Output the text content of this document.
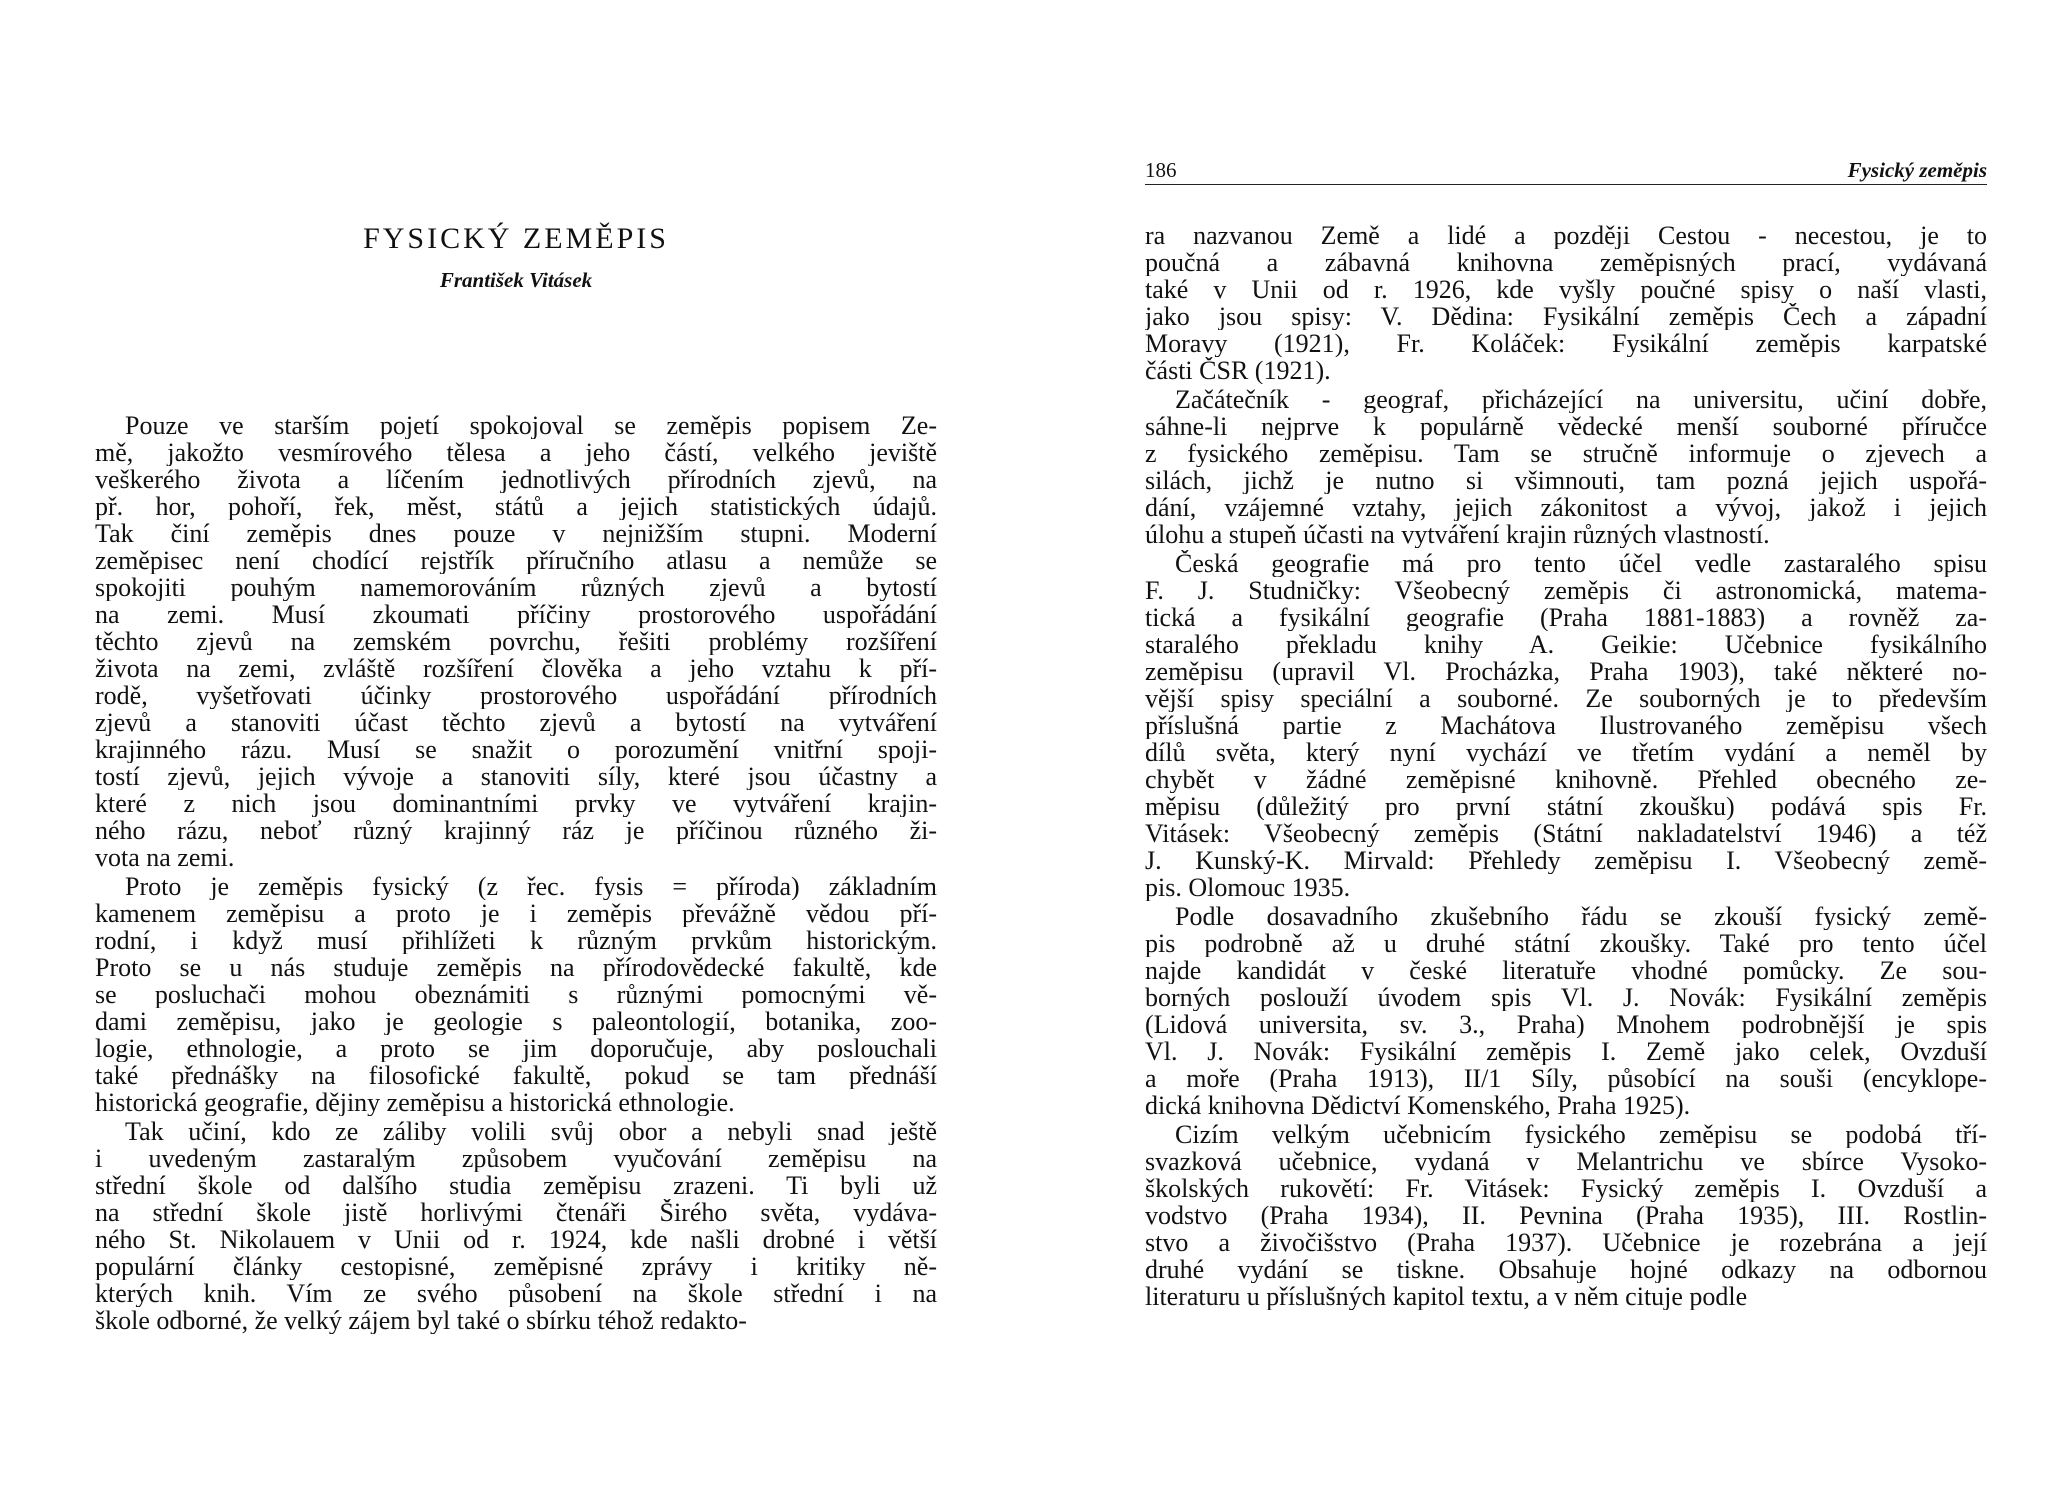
FYSICKÝ ZEMĚPIS
František Vitásek
Pouze ve starším pojetí spokojoval se zeměpis popisem Ze-
mě, jakožto vesmírového tělesa a jeho částí, velkého jeviště
veškerého života a líčením jednotlivých přírodních zjevů, na
př. hor, pohoří, řek, měst, států a jejich statistických údajů.
Tak činí zeměpis dnes pouze v nejnižším stupni. Moderní
zeměpisec není chodící rejstřík příručního atlasu a nemůže se
spokojiti pouhým namemorováním různých zjevů a bytostí
na zemi. Musí zkoumati příčiny prostorového uspořádání
těchto zjevů na zemském povrchu, řešiti problémy rozšíření
života na zemi, zvláště rozšíření člověka a jeho vztahu k pří-
rodě, vyšetřovati účinky prostorového uspořádání přírodních
zjevů a stanoviti účast těchto zjevů a bytostí na vytváření
krajinného rázu. Musí se snažit o porozumění vnitřní spoji-
tostí zjevů, jejich vývoje a stanoviti síly, které jsou účastny a
které z nich jsou dominantními prvky ve vytváření krajin-
ného rázu, neboť různý krajinný ráz je příčinou různého ži-
vota na zemi.
Proto je zeměpis fysický (z řec. fysis = příroda) základním
kamenem zeměpisu a proto je i zeměpis převážně vědou pří-
rodní, i když musí přihlížeti k různým prvkům historickým.
Proto se u nás studuje zeměpis na přírodovědecké fakultě, kde
se posluchači mohou obeznámiti s různými pomocnými vě-
dami zeměpisu, jako je geologie s paleontologií, botanika, zoo-
logie, ethnologie, a proto se jim doporučuje, aby poslouchali
také přednášky na filosofické fakultě, pokud se tam přednáší
historická geografie, dějiny zeměpisu a historická ethnologie.
Tak učiní, kdo ze záliby volili svůj obor a nebyli snad ještě
i uvedeným zastaralým způsobem vyučování zeměpisu na
střední škole od dalšího studia zeměpisu zrazeni. Ti byli už
na střední škole jistě horlivými čtenáři Širého světa, vydáva-
ného St. Nikolauem v Unii od r. 1924, kde našli drobné i větší
populární články cestopisné, zeměpisné zprávy i kritiky ně-
kterých knih. Vím ze svého působení na škole střední i na
škole odborné, že velký zájem byl také o sbírku téhož redakto-
186	Fysický zeměpis
ra nazvanou Země a lidé a později Cestou - necestou, je to
poučná a zábavná knihovna zeměpisných prací, vydávaná
také v Unii od r. 1926, kde vyšly poučné spisy o naší vlasti,
jako jsou spisy: V. Dědina: Fysikální zeměpis Čech a západní
Moravy (1921), Fr. Koláček: Fysikální zeměpis karpatské
části ČSR (1921).
Začátečník - geograf, přicházející na universitu, učiní dobře,
sáhne-li nejprve k populárně vědecké menší souborné příručce
z fysického zeměpisu. Tam se stručně informuje o zjevech a
silách, jichž je nutno si všimnouti, tam pozná jejich uspořá-
dání, vzájemné vztahy, jejich zákonitost a vývoj, jakož i jejich
úlohu a stupeň účasti na vytváření krajin různých vlastností.
Česká geografie má pro tento účel vedle zastaralého spisu
F. J. Studničky: Všeobecný zeměpis či astronomická, matema-
tická a fysikální geografie (Praha 1881-1883) a rovněž za-
staralého překladu knihy A. Geikie: Učebnice fysikálního
zeměpisu (upravil Vl. Procházka, Praha 1903), také některé no-
vější spisy speciální a souborné. Ze souborných je to především
příslušná partie z Machátova Ilustrovaného zeměpisu všech
dílů světa, který nyní vychází ve třetím vydání a neměl by
chybět v žádné zeměpisné knihovně. Přehled obecného ze-
měpisu (důležitý pro první státní zkoušku) podává spis Fr.
Vitásek: Všeobecný zeměpis (Státní nakladatelství 1946) a též
J. Kunský-K. Mirvald: Přehledy zeměpisu I. Všeobecný země-
pis. Olomouc 1935.
Podle dosavadního zkušebního řádu se zkouší fysický země-
pis podrobně až u druhé státní zkoušky. Také pro tento účel
najde kandidát v české literatuře vhodné pomůcky. Ze sou-
borných poslouží úvodem spis Vl. J. Novák: Fysikální zeměpis
(Lidová universita, sv. 3., Praha) Mnohem podrobnější je spis
Vl. J. Novák: Fysikální zeměpis I. Země jako celek, Ovzduší
a moře (Praha 1913), II/1 Síly, působící na souši (encyklope-
dická knihovna Dědictví Komenského, Praha 1925).
Cizím velkým učebnicím fysického zeměpisu se podobá tří-
svazková učebnice, vydaná v Melantrichu ve sbírce Vysoko-
školských rukovětí: Fr. Vitásek: Fysický zeměpis I. Ovzduší a
vodstvo (Praha 1934), II. Pevnina (Praha 1935), III. Rostlin-
stvo a živočišstvo (Praha 1937). Učebnice je rozebrána a její
druhé vydání se tiskne. Obsahuje hojné odkazy na odbornou
literaturu u příslušných kapitol textu, a v něm cituje podle
